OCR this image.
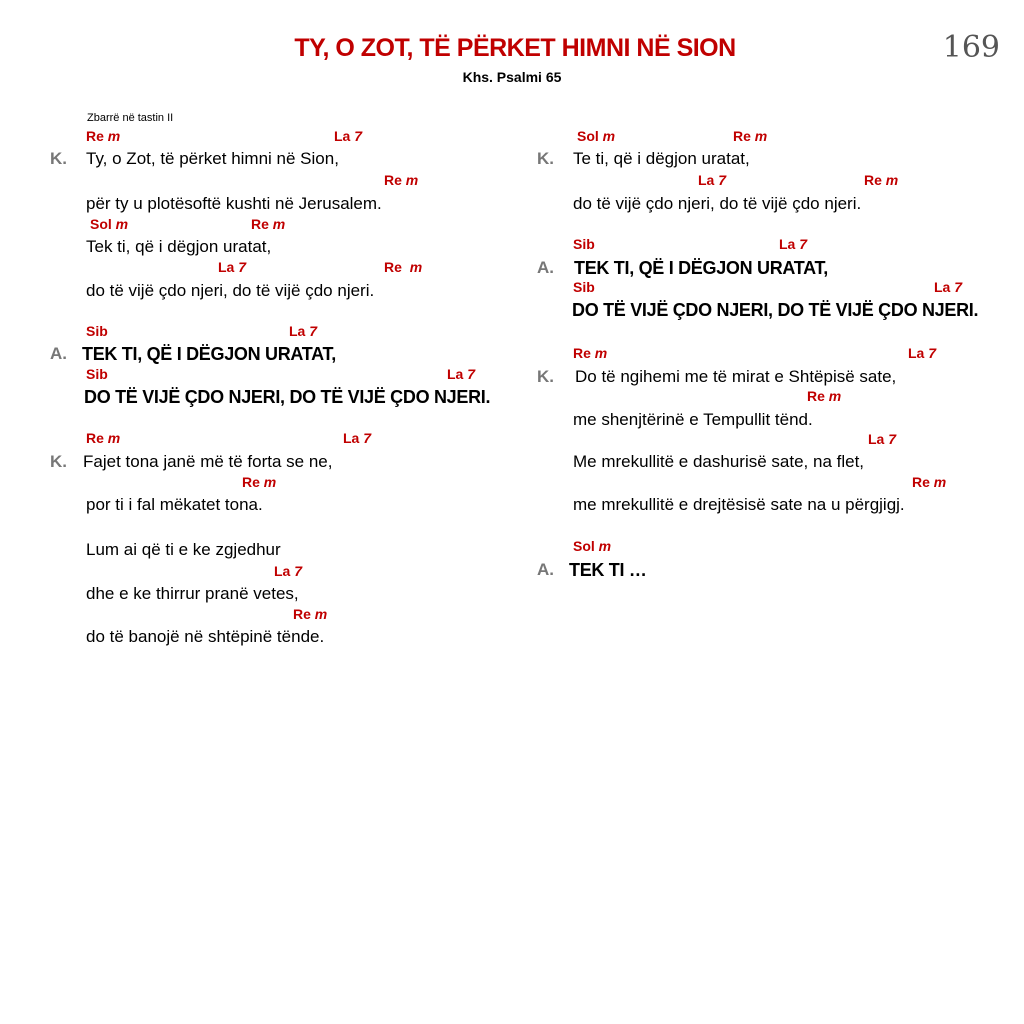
TY, O ZOT, TË PËRKET HIMNI NË SION
Khs. Psalmi 65
169
Zbarrë në tastin II
Re m	La 7
K. Ty, o Zot, të përket himni në Sion,
Re m
për ty u plotësoftë kushti në Jerusalem.
Sol m	Re m
Tek ti, që i dëgjon uratat,
La 7	Re m
do të vijë çdo njeri, do të vijë çdo njeri.
Sib	La 7
A. TEK TI, QË I DËGJON URATAT,
Sib	La 7
DO TË VIJË ÇDO NJERI, DO TË VIJË ÇDO NJERI.
Re m	La 7
K. Fajet tona janë më të forta se ne,
Re m
por ti i fal mëkatet tona.
Lum ai që ti e ke zgjedhur
La 7
dhe e ke thirrur pranë vetes,
Re m
do të banojë në shtëpinë tënde.
Sol m	Re m
K. Te ti, që i dëgjon uratat,
La 7	Re m
do të vijë çdo njeri, do të vijë çdo njeri.
Sib	La 7
A. TEK TI, QË I DËGJON URATAT,
Sib	La 7
DO TË VIJË ÇDO NJERI, DO TË VIJË ÇDO NJERI.
Re m	La 7
K. Do të ngihemi me të mirat e Shtëpisë sate,
Re m
me shenjtërinë e Tempullit tënd.
La 7
Me mrekullitë e dashurisë sate, na flet,
Re m
me mrekullitë e drejtësisë sate na u përgjigj.
Sol m
A. TEK TI …
